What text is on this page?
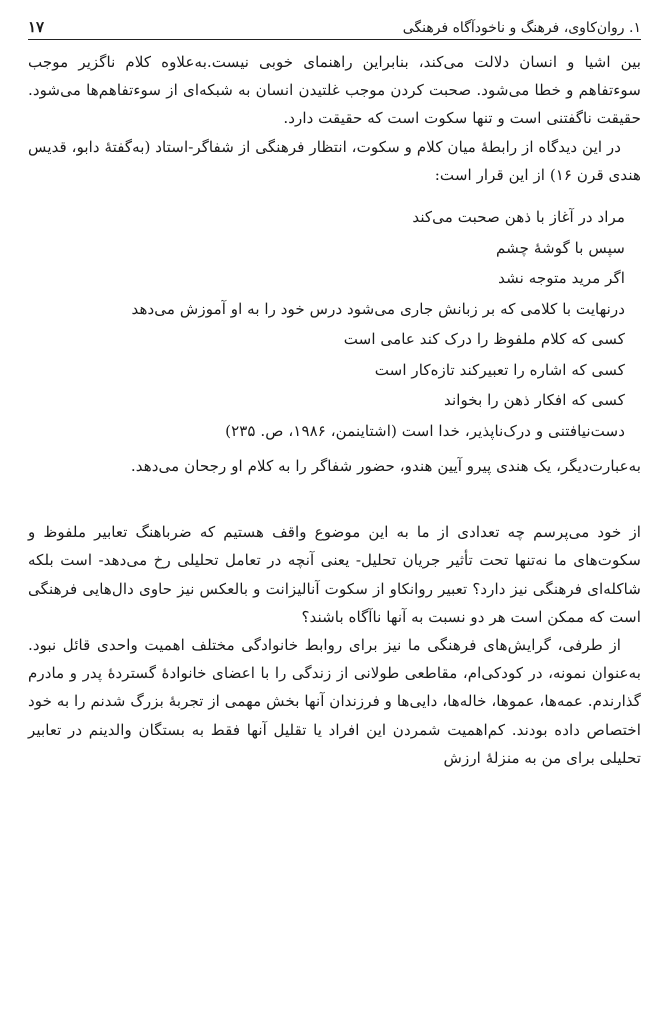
۱. روان‌کاوی، فرهنگ و ناخودآگاه فرهنگی
۱۷

بین اشیا و انسان دلالت می‌کند، بنابراین راهنمای خوبی نیست.به‌علاوه کلام ناگزیر موجب سوءتفاهم و خطا می‌شود. صحبت کردن موجب غلتیدن انسان به شبکه‌ای از سوءتفاهم‌ها می‌شود. حقیقت ناگفتنی است و تنها سکوت است که حقیقت دارد.

در این دیدگاه از رابطهٔ میان کلام و سکوت، انتظار فرهنگی از شفاگر-استاد (به‌گفتهٔ دابو، قدیس هندی قرن ۱۶) از این قرار است:

مراد در آغاز با ذهن صحبت می‌کند
سپس با گوشهٔ چشم
اگر مرید متوجه نشد
درنهایت با کلامی که بر زبانش جاری می‌شود درس خود را به او آموزش می‌دهد
کسی که کلام ملفوظ را درک کند عامی است
کسی که اشاره را تعبیرکند تازه‌کار است
کسی که افکار ذهن را بخواند
دست‌نیافتنی و درک‌ناپذیر، خدا است (اشتاینمن، ۱۹۸۶، ص. ۲۳۵)

به‌عبارت‌دیگر، یک هندی پیرو آیین هندو، حضور شفاگر را به کلام او رجحان می‌دهد.

از خود می‌پرسم چه تعدادی از ما به این موضوع واقف هستیم که ضرباهنگ تعابیر ملفوظ و سکوت‌های ما نه‌تنها تحت تأثیر جریان تحلیل- یعنی آنچه در تعامل تحلیلی رخ می‌دهد- است بلکه شاکله‌ای فرهنگی نیز دارد؟ تعبیر روانکاو از سکوت آنالیزانت و بالعکس نیز حاوی دال‌هایی فرهنگی است که ممکن است هر دو نسبت به آنها ناآگاه باشند؟

از طرفی، گرایش‌های فرهنگی ما نیز برای روابط خانوادگی مختلف اهمیت واحدی قائل نبود. به‌عنوان نمونه، در کودکی‌ام، مقاطعی طولانی از زندگی را با اعضای خانوادهٔ گستردهٔ پدر و مادرم گذارندم. عمه‌ها، عموها، خاله‌ها، دایی‌ها و فرزندان آنها بخش مهمی از تجربهٔ بزرگ شدنم را به خود اختصاص داده بودند. کم‌اهمیت شمردن این افراد یا تقلیل آنها فقط به بستگان والدینم در تعابیر تحلیلی برای من به منزلهٔ ارزش
